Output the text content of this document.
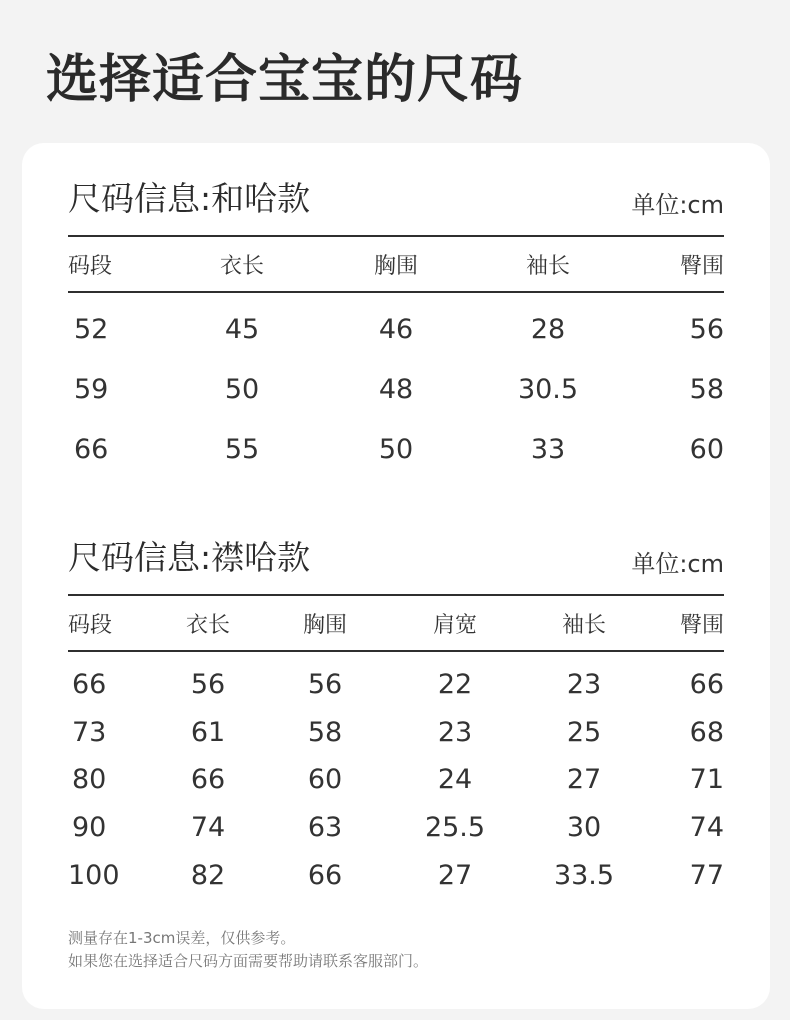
选择适合宝宝的尺码
尺码信息:和哈款	单位:cm
码段	衣长	胸围	袖长	臀围
52	45	46	28	56
59	50	48	30.5	58
66	55	50	33	60
尺码信息:襟哈款	单位:cm
码段	衣长	胸围	肩宽	袖长	臀围
66	56	56	22	23	66
73	61	58	23	25	68
80	66	60	24	27	71
90	74	63	25.5	30	74
100	82	66	27	33.5	77
测量存在1-3cm误差，仅供参考。
如果您在选择适合尺码方面需要帮助请联系客服部门。
